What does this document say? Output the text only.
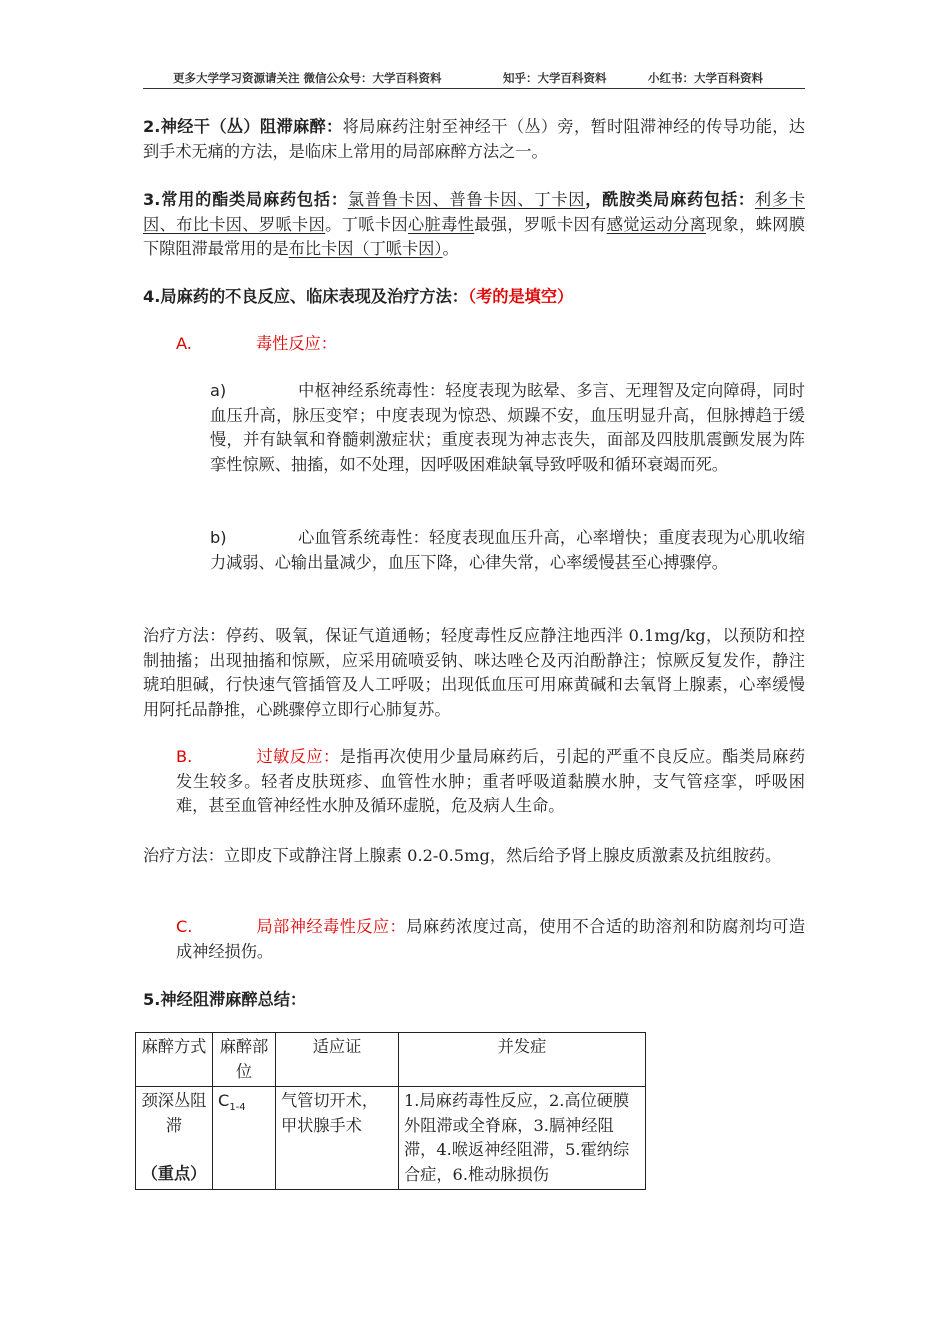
更多大学学习资源请关注 微信公众号：大学百科资料	知乎：大学百科资料	小红书：大学百科资料
2.神经干（丛）阻滞麻醉：将局麻药注射至神经干（丛）旁，暂时阻滞神经的传导功能，达到手术无痛的方法，是临床上常用的局部麻醉方法之一。
3.常用的酯类局麻药包括：氯普鲁卡因、普鲁卡因、丁卡因，酰胺类局麻药包括：利多卡因、布比卡因、罗哌卡因。丁哌卡因心脏毒性最强，罗哌卡因有感觉运动分离现象，蛛网膜下隙阻滞最常用的是布比卡因（丁哌卡因）。
4.局麻药的不良反应、临床表现及治疗方法：（考的是填空）
A.	毒性反应：
a)	中枢神经系统毒性：轻度表现为眩晕、多言、无理智及定向障碍，同时血压升高，脉压变窄；中度表现为惊恐、烦躁不安，血压明显升高，但脉搏趋于缓慢，并有缺氧和脊髓刺激症状；重度表现为神志丧失，面部及四肢肌震颤发展为阵挛性惊厥、抽搐，如不处理，因呼吸困难缺氧导致呼吸和循环衰竭而死。
b)	心血管系统毒性：轻度表现血压升高，心率增快；重度表现为心肌收缩力减弱、心输出量减少，血压下降，心律失常，心率缓慢甚至心搏骤停。
治疗方法：停药、吸氧，保证气道通畅；轻度毒性反应静注地西泮 0.1mg/kg，以预防和控制抽搐；出现抽搐和惊厥，应采用硫喷妥钠、咪达唑仑及丙泊酚静注；惊厥反复发作，静注琥珀胆碱，行快速气管插管及人工呼吸；出现低血压可用麻黄碱和去氧肾上腺素，心率缓慢用阿托品静推，心跳骤停立即行心肺复苏。
B.	过敏反应：是指再次使用少量局麻药后，引起的严重不良反应。酯类局麻药发生较多。轻者皮肤斑疹、血管性水肿；重者呼吸道黏膜水肿，支气管痉挛，呼吸困难，甚至血管神经性水肿及循环虚脱，危及病人生命。
治疗方法：立即皮下或静注肾上腺素 0.2-0.5mg，然后给予肾上腺皮质激素及抗组胺药。
C.	局部神经毒性反应：局麻药浓度过高，使用不合适的助溶剂和防腐剂均可造成神经损伤。
5.神经阻滞麻醉总结：
麻醉方式	麻醉部位	适应证	并发症

颈深丛阻滞
（重点）	$C_{1-4}$	气管切开术，甲状腺手术	1.局麻药毒性反应，2.高位硬膜外阻滞或全脊麻，3.膈神经阻滞，4.喉返神经阻滞，5.霍纳综合症，6.椎动脉损伤
